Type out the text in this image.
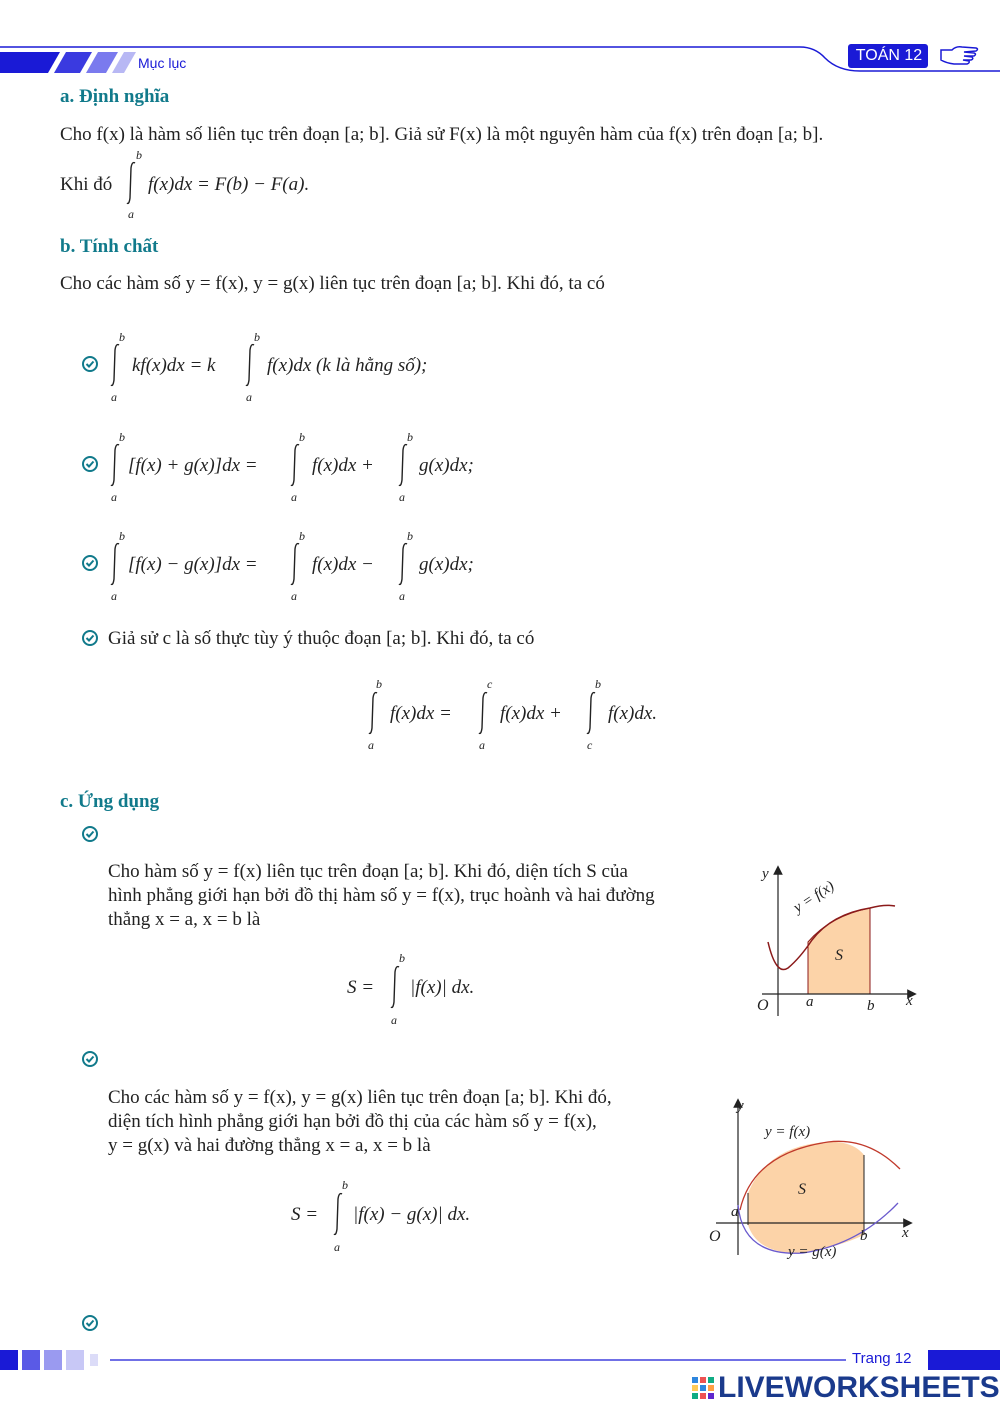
Mục lục	TOÁN 12
a. Định nghĩa
Cho f(x) là hàm số liên tục trên đoạn [a; b]. Giả sử F(x) là một nguyên hàm của f(x) trên đoạn [a; b].
Khi đó
b
a
f(x)dx = F(b) − F(a).
b. Tính chất
Cho các hàm số y = f(x), y = g(x) liên tục trên đoạn [a; b]. Khi đó, ta có
b
a
kf(x)dx = k
b
a
f(x)dx (k là hằng số);
b
a
[f(x) + g(x)]dx =
b
a
f(x)dx +
b
a
g(x)dx;
b
a
[f(x) − g(x)]dx =
b
a
f(x)dx −
b
a
g(x)dx;
Giả sử c là số thực tùy ý thuộc đoạn [a; b]. Khi đó, ta có
b
a
f(x)dx =
c
a
f(x)dx +
b
c
f(x)dx.
c. Ứng dụng
Cho hàm số y = f(x) liên tục trên đoạn [a; b]. Khi đó, diện tích S của
hình phẳng giới hạn bởi đồ thị hàm số y = f(x), trục hoành và hai đường
thẳng x = a, x = b là
S =
b
a
|f(x)| dx.
y
x
O a	b
S
y = f(x)
Cho các hàm số y = f(x), y = g(x) liên tục trên đoạn [a; b]. Khi đó,
diện tích hình phẳng giới hạn bởi đồ thị của các hàm số y = f(x),
y = g(x) và hai đường thẳng x = a, x = b là
S =
b
a
|f(x) − g(x)| dx.
y
x
O
a
b
S
y = f(x)
y = g(x)
Trang 12
LIVEWORKSHEETS
